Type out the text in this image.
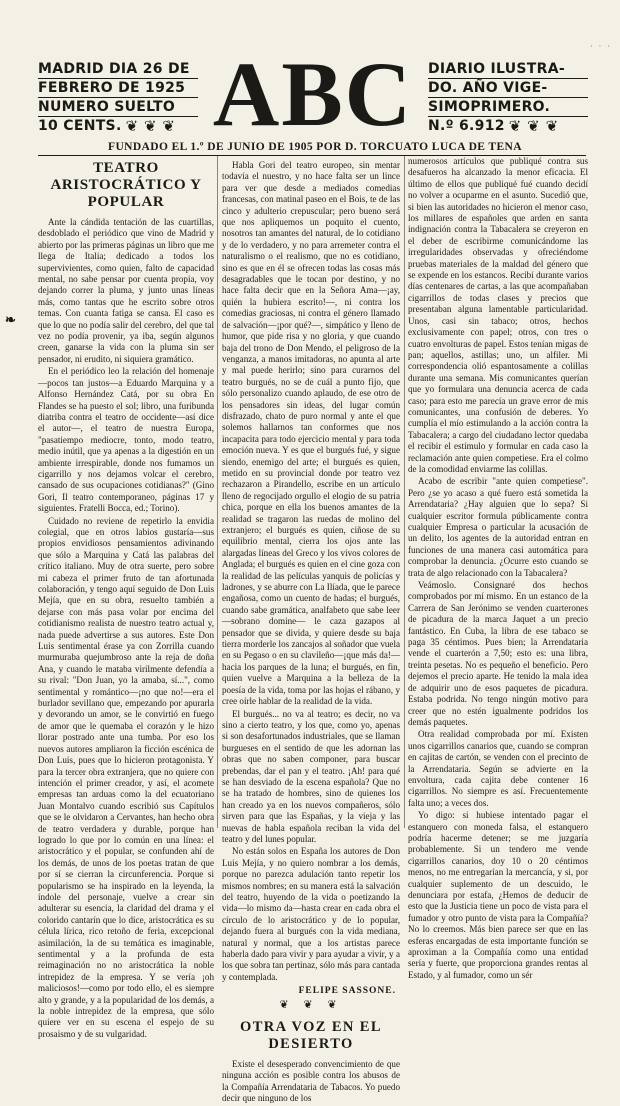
· · ·
❧
MADRID DIA 26 DE
FEBRERO DE 1925
NUMERO SUELTO
10 CENTS. ❦ ❦ ❦ ABC	DIARIO ILUSTRA-
DO. AÑO VIGE-
SIMOPRIMERO.
N.º 6.912 ❦ ❦ ❦
FUNDADO EL 1.º DE JUNIO DE 1905 POR D. TORCUATO LUCA DE TENA
TEATRO ARISTOCRÁTICO Y POPULAR

Ante la cándida tentación de las cuartillas, desdoblado el periódico que vino de Madrid y abierto por las primeras páginas un libro que me llega de Italia; dedicado a todos los supervivientes, como quien, falto de capacidad mental, no sabe pensar por cuenta propia, voy dejando correr la pluma, y junto unas líneas más, como tantas que he escrito sobre otros temas. Con cuanta fatiga se cansa. El caso es que lo que no podía salir del cerebro, del que tal vez no podía provenir, ya iba, según algunos creen, ganarse la vida con la pluma sin ser pensador, ni erudito, ni siquiera gramático.

En el periódico leo la relación del homenaje—pocos tan justos—a Eduardo Marquina y a Alfonso Hernández Catá, por su obra En Flandes se ha puesto el sol; libro, una furibunda diatriba contra el teatro de occidente—así dice el autor—, el teatro de nuestra Europa, "pasatiempo mediocre, tonto, modo teatro, medio inútil, que ya apenas a la digestión en un ambiente irrespirable, donde nos fumamos un cigarrillo y nos dejamos volcar el cerebro, cansado de sus ocupaciones cotidianas?" (Gino Gori, Il teatro contemporaneo, páginas 17 y siguientes. Fratelli Bocca, ed.; Torino).

Cuidado no reviene de repetirlo la envidia colegial, que en otros labios gustaría—sus propios envidiosos pensamientos adivinando que sólo a Marquina y Catá las palabras del crítico italiano. Muy de otra suerte, pero sobre mi cabeza el primer fruto de tan afortunada colaboración, y tengo aquí seguido de Don Luis Mejía, que en su obra, resuelto también a dejarse con más pasa volar por encima del cotidianismo realista de nuestro teatro actual y, nada puede advertirse a sus autores. Este Don Luis sentimental érase ya con Zorrilla cuando murmuraba quejumbroso ante la reja de doña Ana, y cuando le mataba virilmente defendía a su rival: "Don Juan, yo la amaba, sí...", como sentimental y romántico—¡no que no!—era el burlador sevillano que, empezando por apurarla y devorando un amor, se le convirtió en fuego de amor que le quemaba el corazón y le hizo llorar postrado ante una tumba. Por eso los nuevos autores ampliaron la ficción escénica de Don Luis, pues que lo hicieron protagonista. Y para la tercer obra extranjera, que no quiere con intención el primer creador, y así, el acomete empresas tan arduas como la del ecuatoriano Juan Montalvo cuando escribió sus Capítulos que se le olvidaron a Cervantes, han hecho obra de teatro verdadera y durable, porque han logrado lo que por lo común en una línea: el aristocrático y el popular, se confunden ahí de los demás, de unos de los poetas tratan de que por sí se cierran la circunferencia. Porque si popularismo se ha inspirado en la leyenda, la índole del personaje, vuelve a crear sin adulterar su esencia, la claridad del drama y el colorido cantarín que lo dice, aristocrática es su célula lírica, rico retoño de feria, excepcional asimilación, la de su temática es imaginable, sentimental y a la profunda de esta reimaginación no no aristocrática la noble intrepidez de la empresa. Y se vería ¡oh maliciosos!—como por todo ello, el es siempre alto y grande, y a la popularidad de los demás, a la noble intrepidez de la empresa, que sólo quiere ver en su escena el espejo de su prosaismo y de su vulgaridad.

Habla Gori del teatro europeo, sin mentar todavía el nuestro, y no hace falta ser un lince para ver que desde a mediados comedias francesas, con matinal paseo en el Bois, te de las cinco y adulterio crepuscular; pero bueno será que nos apliquemos un poquito el cuento, nosotros tan amantes del natural, de lo cotidiano y de lo verdadero, y no para arremeter contra el naturalismo o el realismo, que no es cotidiano, sino es que en él se ofrecen todas las cosas más desagradables que le tocan por destino, y no hace falta decir que en la Señora Ama—¡ay, quién la hubiera escrito!—, ni contra los comedias graciosas, ni contra el género llamado de salvación—¡por qué?—, simpático y lleno de humor, que pide risa y no gloria, y que cuando baja del trono de Don Mendo, el peligroso de la venganza, a manos imitadoras, no apunta al arte y mal puede herirlo; sino para curarnos del teatro burgués, no se de cuál a punto fijo, que sólo personalizo cuando aplaudo, de ese otro de los pensadores sin ideas, del lugar común disfrazado, chato de puro normal y ante el que solemos hallarnos tan conformes que nos incapacita para todo ejercicio mental y para toda emoción nueva. Y es que el burgués fué, y sigue siendo, enemigo del arte; el burgués es quien, metido en su provincial donde por teatro vez rechazaron a Pirandello, escribe en un artículo lleno de regocijado orgullo el elogio de su patria chica, porque en ella los buenos amantes de la realidad se tragaron las ruedas de molino del extranjero; el burgués es quien, ciñose de su equilibrio mental, cierra los ojos ante las alargadas líneas del Greco y los vivos colores de Anglada; el burgués es quien en el cine goza con la realidad de las películas yanquis de policías y ladrones, y se aburre con La Ilíada, que le parece engañosa, como un cuento de hadas; el burgués, cuando sabe gramática, analfabeto que sabe leer —sobrano domine— le caza gazapos al pensador que se divida, y quiere desde su baja tierra morderle los zancajos al soñador que vuela en su Pegaso o en su clavileño—¡que más da!—hacia los parques de la luna; el burgués, en fin, quien vuelve a Marquina a la belleza de la poesía de la vida, toma por las hojas el rábano, y cree oírle hablar de la realidad de la vida.

El burgués... no va al teatro; es decir, no va sino a cierto teatro, y los que, como yo, apenas si son desafortunados industriales, que se llaman burgueses en el sentido de que les adornan las obras que no saben componer, para buscar prebendas, dar el pan y el teatro. ¡Ah! para qué se han desviado de la escena española? Que no se ha tratado de hombres, sino de quienes los han creado ya en los nuevos compañeros, sólo sirven para que las Españas, y la vieja y las nuevas de habla española reciban la vida del teatro y del lunes popular.

No están solos en España los autores de Don Luis Mejía, y no quiero nombrar a los demás, porque no parezca adulación tanto repetir los mismos nombres; en su manera está la salvación del teatro, huyendo de la vida o poetizando la vida—lo mismo da—hasta crear en cada obra el círculo de lo aristocrático y de lo popular, dejando fuera al burgués con la vida mediana, natural y normal, que a los artistas parece haberla dado para vivir y para ayudar a vivir, y a los que sobra tan pertinaz, sólo más para cantada y contemplada.

FELIPE SASSONE.
❦ ❦ ❦
OTRA VOZ EN EL DESIERTO

Existe el desesperado convencimiento de que ninguna acción es posible contra los abusos de la Compañía Arrendataria de Tabacos. Yo puedo decir que ninguno de los

numerosos artículos que publiqué contra sus desafueros ha alcanzado la menor eficacia. El último de ellos que publiqué fué cuando decidí no volver a ocuparme en el asunto. Sucedió que, si bien las autoridades no hicieron el menor caso, los millares de españoles que arden en santa indignación contra la Tabacalera se creyeron en el deber de escribirme comunicándome las irregularidades observadas y ofreciéndome pruebas materiales de la maldad del género que se expende en los estancos. Recibí durante varios días centenares de cartas, a las que acompañaban cigarrillos de todas clases y precios que presentaban alguna lamentable particularidad. Unos, casi sin tabaco; otros, hechos exclusivamente con papel; otros, con tres o cuatro envolturas de papel. Estos tenían migas de pan; aquellos, astillas; uno, un alfiler. Mi correspondencia olió espantosamente a colillas durante una semana. Mis comunicantes querían que yo formulara una denuncia acerca de cada caso; para esto me parecía un grave error de mis comunicantes, una confusión de deberes. Yo cumplía el mío estimulando a la acción contra la Tabacalera; a cargo del ciudadano lector quedaba el recibir el estímulo y formular en cada caso la reclamación ante quien competiese. Era el colmo de la comodidad enviarme las colillas.

Acabo de escribir "ante quien competiese". Pero ¿se yo acaso a qué fuero está sometida la Arrendataria? ¿Hay alguien que lo sepa? Si cualquier escritor formula públicamente contra cualquier Empresa o particular la acusación de un delito, los agentes de la autoridad entran en funciones de una manera casi automática para comprobar la denuncia. ¿Ocurre esto cuando se trata de algo relacionado con la Tabacalera?

Veámoslo. Consignaré dos hechos comprobados por mí mismo. En un estanco de la Carrera de San Jerónimo se venden cuarterones de picadura de la marca Jaquet a un precio fantástico. En Cuba, la libra de ese tabaco se paga 35 céntimos. Pues bien; la Arrendataria vende el cuarterón a 7,50; esto es: una libra, treinta pesetas. No es pequeño el beneficio. Pero dejemos el precio aparte. He tenido la mala idea de adquirir uno de esos paquetes de picadura. Estaba podrida. No tengo ningún motivo para creer que no estén igualmente podridos los demás paquetes.

Otra realidad comprobada por mí. Existen unos cigarrillos canarios que, cuando se compran en cajitas de cartón, se venden con el precinto de la Arrendataria. Según se advierte en la envoltura, cada cajita debe contener 16 cigarrillos. No siempre es así. Frecuentemente falta uno; a veces dos.

Yo digo: si hubiese intentado pagar el estanquero con moneda falsa, el estanquero podría hacerme detener; se me juzgaría probablemente. Si un tendero me vende cigarrillos canarios, doy 10 o 20 céntimos menos, no me entregarían la mercancía, y si, por cualquier suplemento de un descuido, le denunciara por estafa, ¿Hemos de deducir de esto que la Justicia tiene un poco de vista para el fumador y otro punto de vista para la Compañía? No lo creemos. Más bien parece ser que en las esferas encargadas de esta importante función se aproximan a la Compañía como una entidad sería y fuerte, que proporciona grandes rentas al Estado, y al fumador, como un sér
